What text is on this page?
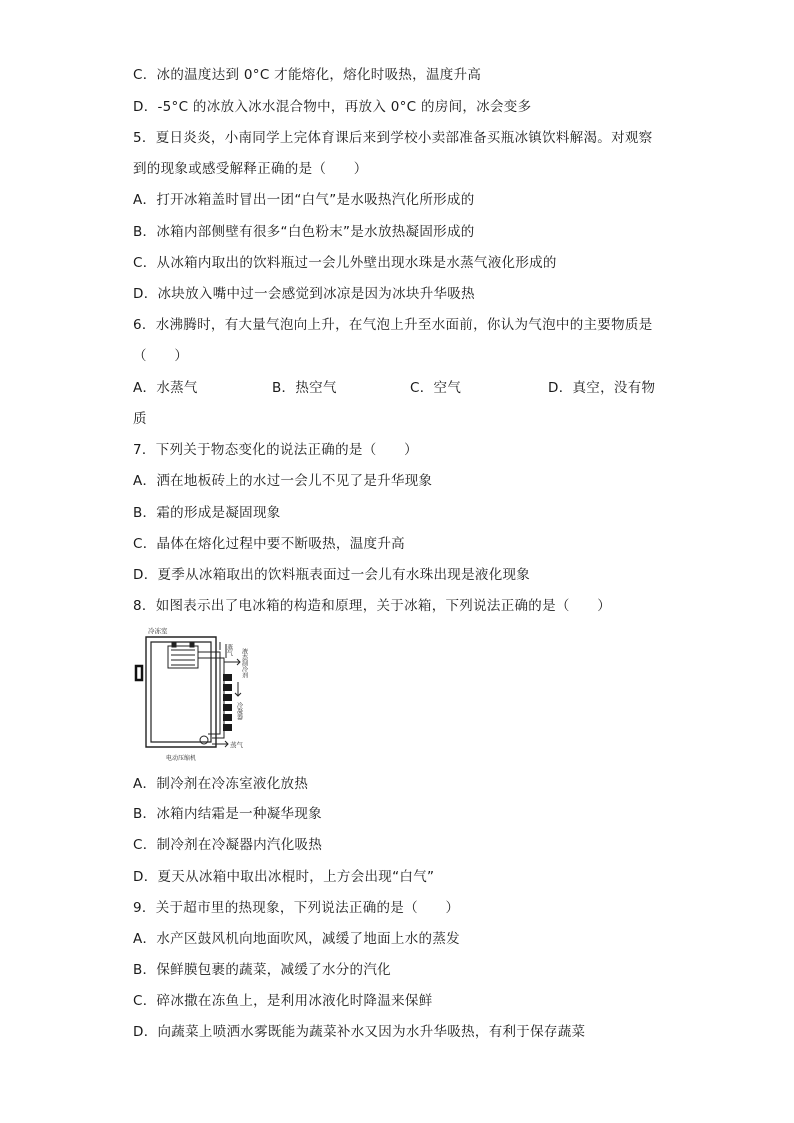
C．冰的温度达到 0°C 才能熔化，熔化时吸热，温度升高
D．-5°C 的冰放入冰水混合物中，再放入 0°C 的房间，冰会变多
5．夏日炎炎，小南同学上完体育课后来到学校小卖部准备买瓶冰镇饮料解渴。对观察
到的现象或感受解释正确的是（　　）
A．打开冰箱盖时冒出一团“白气”是水吸热汽化所形成的
B．冰箱内部侧壁有很多“白色粉末”是水放热凝固形成的
C．从冰箱内取出的饮料瓶过一会儿外壁出现水珠是水蒸气液化形成的
D．冰块放入嘴中过一会感觉到冰凉是因为冰块升华吸热
6．水沸腾时，有大量气泡向上升，在气泡上升至水面前，你认为气泡中的主要物质是
（　　）
A．水蒸气	B．热空气	C．空气	D．真空，没有物
质
7．下列关于物态变化的说法正确的是（　　）
A．洒在地板砖上的水过一会儿不见了是升华现象
B．霜的形成是凝固现象
C．晶体在熔化过程中要不断吸热，温度升高
D．夏季从冰箱取出的饮料瓶表面过一会儿有水珠出现是液化现象
8．如图表示出了电冰箱的构造和原理，关于冰箱，下列说法正确的是（　　）
冷冻室
蒸气 液态制冷剂
冷凝器
蒸气
电动压缩机
A．制冷剂在冷冻室液化放热
B．冰箱内结霜是一种凝华现象
C．制冷剂在冷凝器内汽化吸热
D．夏天从冰箱中取出冰棍时，上方会出现“白气”
9．关于超市里的热现象，下列说法正确的是（　　）
A．水产区鼓风机向地面吹风，减缓了地面上水的蒸发
B．保鲜膜包裹的蔬菜，减缓了水分的汽化
C．碎冰撒在冻鱼上，是利用冰液化时降温来保鲜
D．向蔬菜上喷洒水雾既能为蔬菜补水又因为水升华吸热，有利于保存蔬菜
